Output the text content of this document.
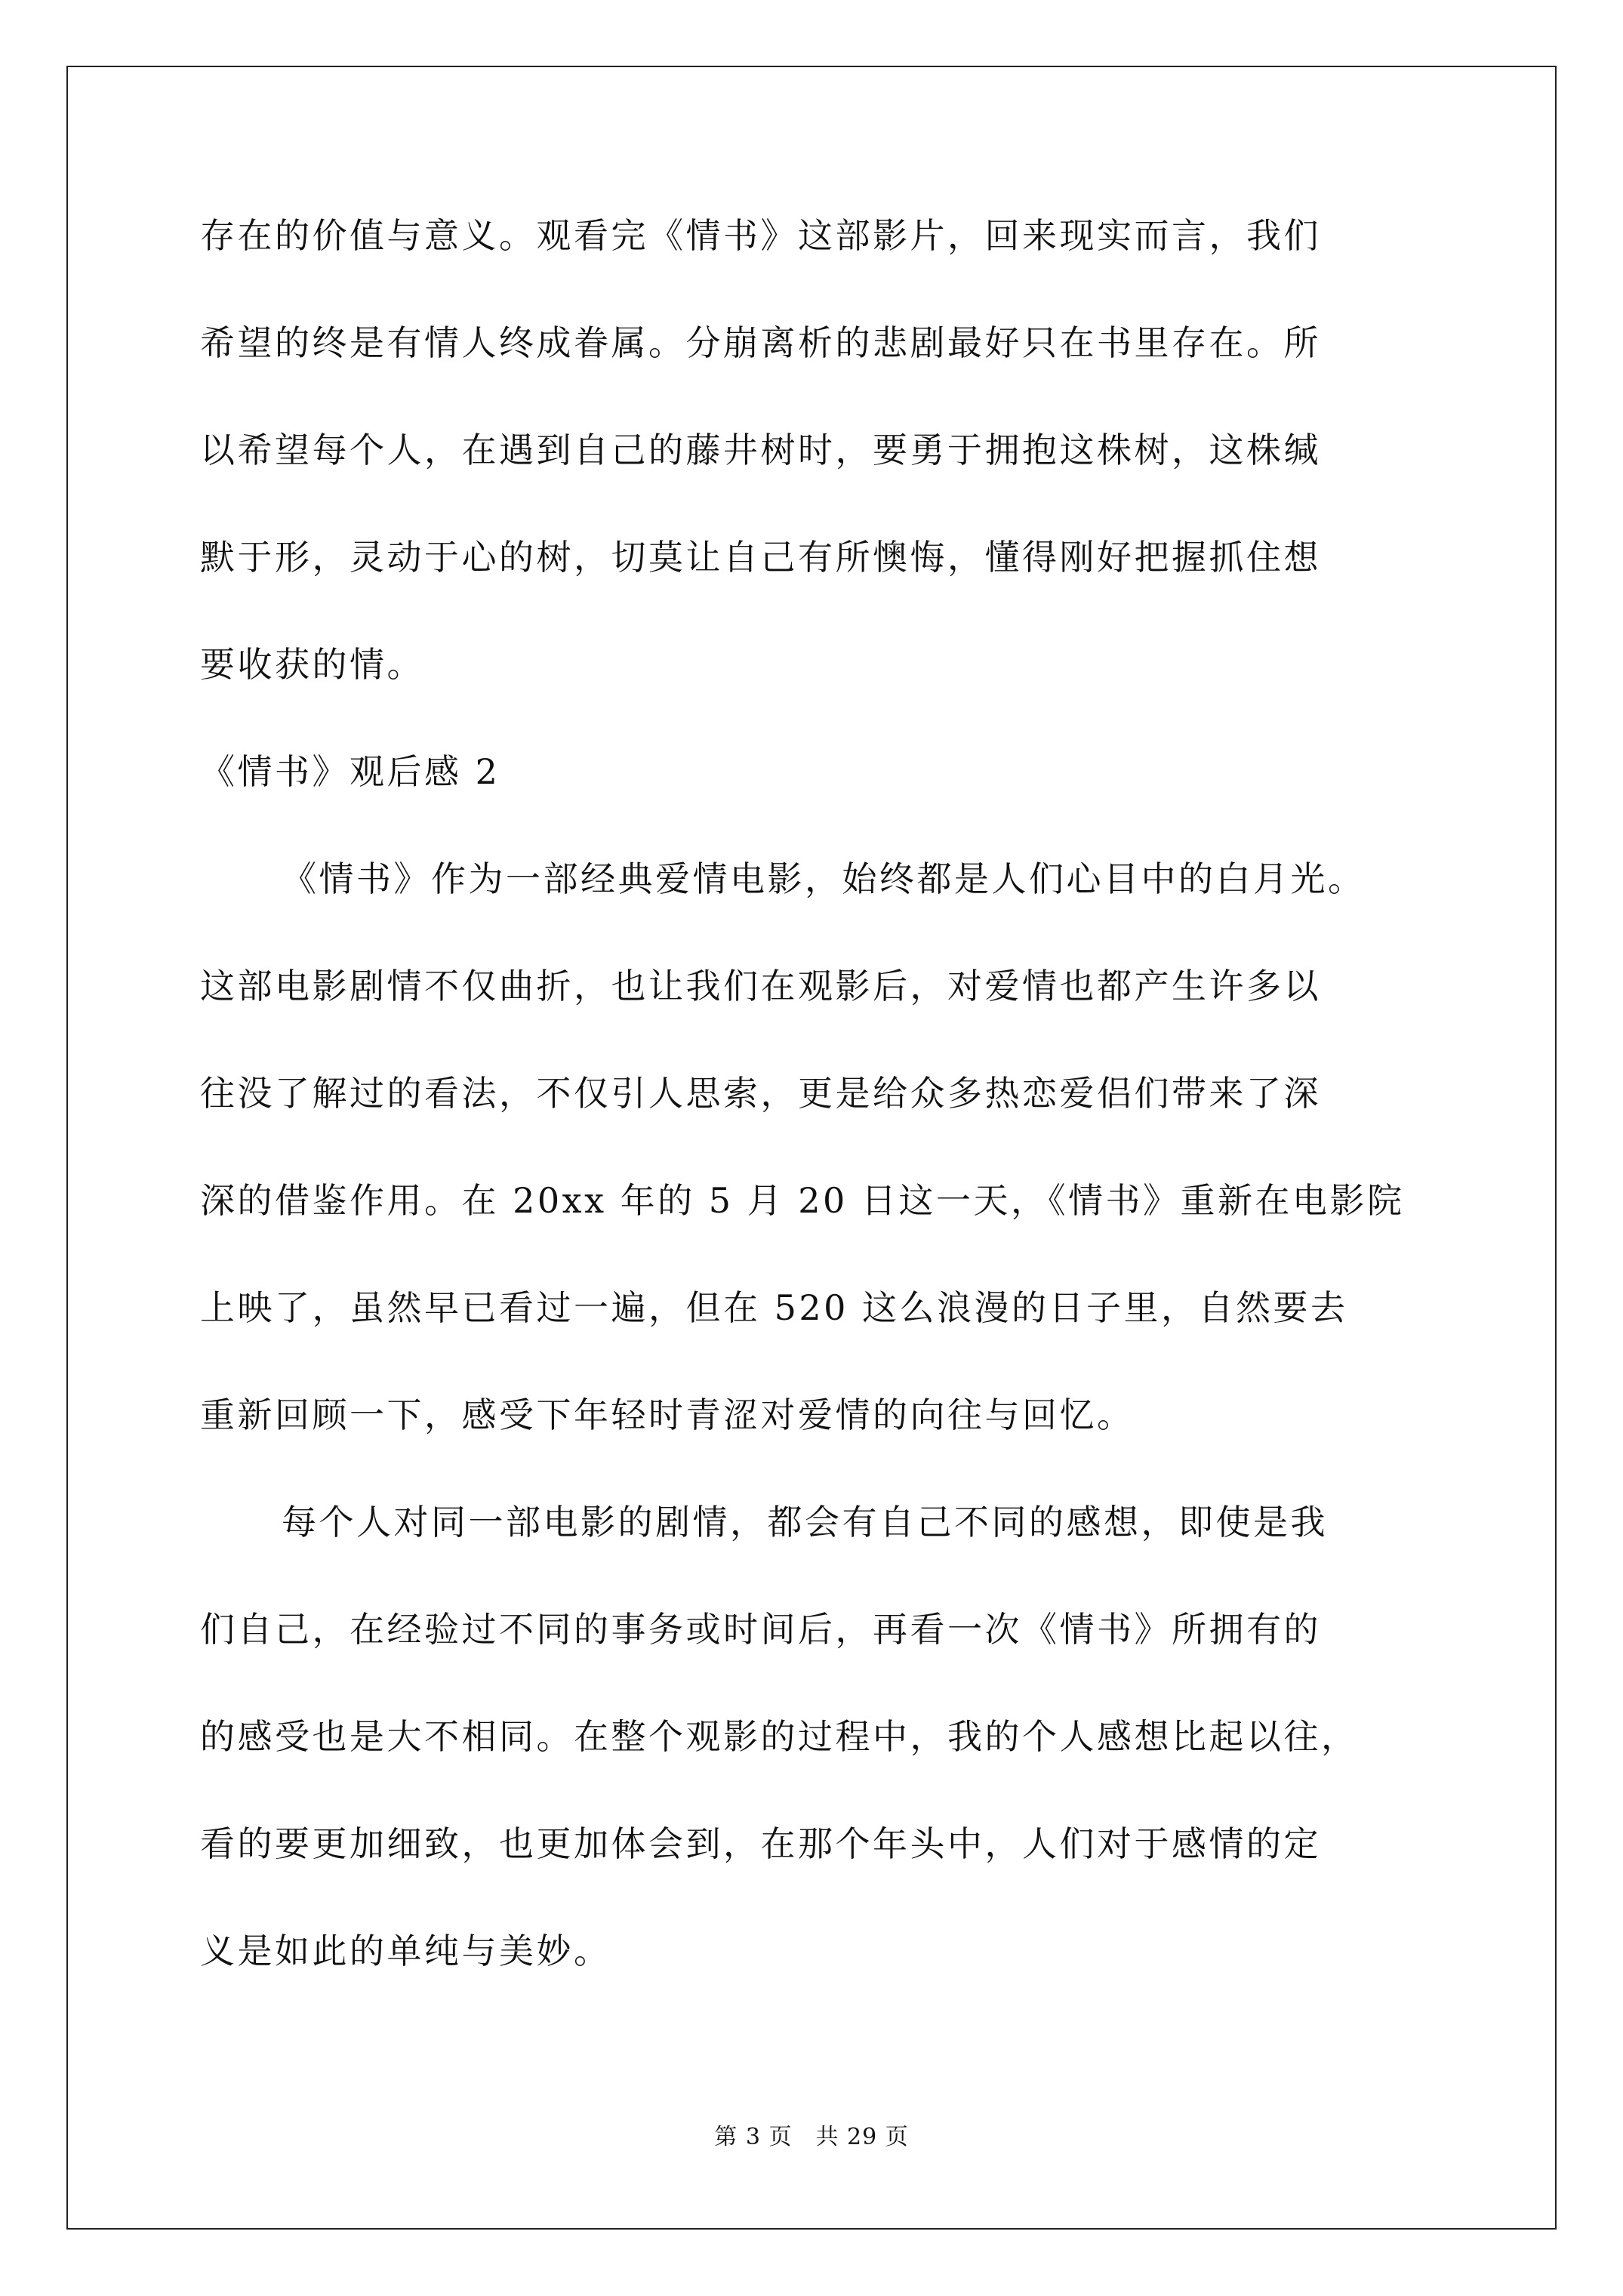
存在的价值与意义。观看完《情书》这部影片，回来现实而言，我们

希望的终是有情人终成眷属。分崩离析的悲剧最好只在书里存在。所

以希望每个人，在遇到自己的藤井树时，要勇于拥抱这株树，这株缄

默于形，灵动于心的树，切莫让自己有所懊悔，懂得刚好把握抓住想

要收获的情。

《情书》观后感 2

《情书》作为一部经典爱情电影，始终都是人们心目中的白月光。

这部电影剧情不仅曲折，也让我们在观影后，对爱情也都产生许多以

往没了解过的看法，不仅引人思索，更是给众多热恋爱侣们带来了深

深的借鉴作用。在 20xx 年的 5 月 20 日这一天，《情书》重新在电影院

上映了，虽然早已看过一遍，但在 520 这么浪漫的日子里，自然要去

重新回顾一下，感受下年轻时青涩对爱情的向往与回忆。

每个人对同一部电影的剧情，都会有自己不同的感想，即使是我

们自己，在经验过不同的事务或时间后，再看一次《情书》所拥有的

的感受也是大不相同。在整个观影的过程中，我的个人感想比起以往，

看的要更加细致，也更加体会到，在那个年头中，人们对于感情的定

义是如此的单纯与美妙。

第 3 页　共 29 页
